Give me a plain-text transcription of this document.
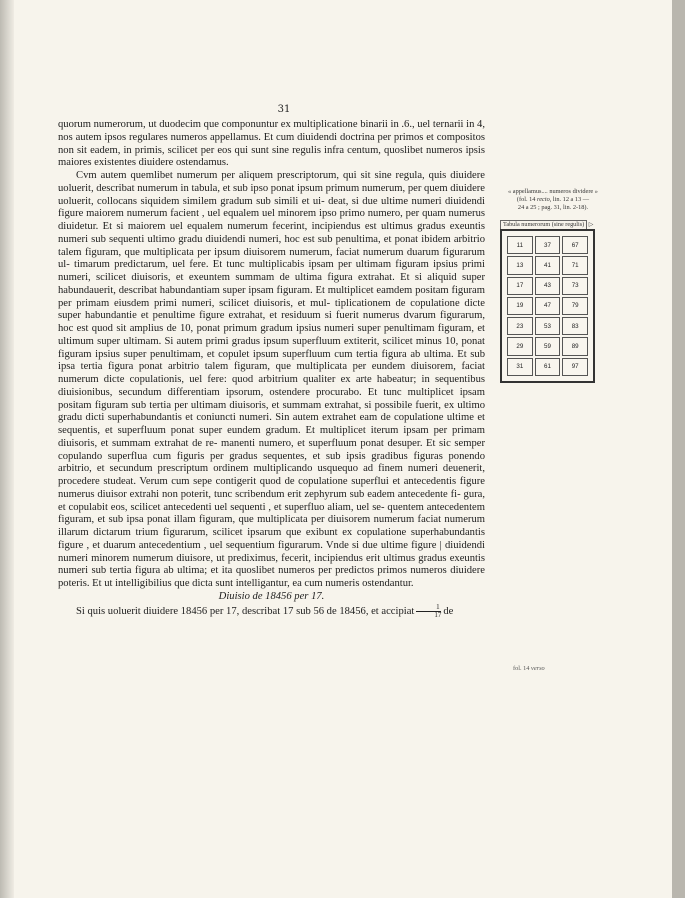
31

quorum numerorum, ut duodecim que componuntur ex multiplicatione binarii in .6., uel ternarii in 4, nos autem ipsos regulares numeros appellamus. Et cum diuidendi doctrina per primos et compositos non sit eadem, in primis, scilicet per eos qui sunt sine regulis infra centum, quoslibet numeros ipsis maiores existentes diuidere ostendamus.

Cvm autem quemlibet numerum per aliquem prescriptorum, qui sit sine regula, quis diuidere uoluerit, describat numerum in tabula, et sub ipso ponat ipsum primum numerum, per quem diuidere uoluerit, collocans siquidem similem gradum sub simili et ui- deat, si due ultime numeri diuidendi figure maiorem numerum facient , uel equalem uel minorem ipso primo numero, per quam numerus diuidetur. Et si maiorem uel equalem numerum fecerint, incipiendus est ultimus gradus exeuntis numeri sub sequenti ultimo gradu diuidendi numeri, hoc est sub penultima, et ponat ibidem arbitrio talem figuram, que multiplicata per ipsum diuisorem numerum, faciat numerum duarum figurarum ul- timarum predictarum, uel fere. Et tunc multiplicabis ipsam per ultimam figuram ipsius primi numeri, scilicet diuisoris, et exeuntem summam de ultima figura extrahat. Et si aliquid super habundauerit, describat habundantiam super ipsam figuram. Et multiplicet eamdem positam figuram per primam eiusdem primi numeri, scilicet diuisoris, et mul- tiplicationem de copulatione dicte super habundantie et penultime figure extrahat, et residuum si fuerit numerus dvarum figurarum, hoc est quod sit amplius de 10, ponat primum gradum ipsius numeri super penultimam figuram, et ultimum super ultimam. Si autem primi gradus ipsum superfluum extiterit, scilicet minus 10, ponat figuram ipsius super penultimam, et copulet ipsum superfluum cum tertia figura ab ultima. Et sub ipsa tertia figura ponat arbitrio talem figuram, que multiplicata per eundem diuisorem, faciat numerum dicte copulationis, uel fere: quod arbitrium qualiter ex arte habeatur; in sequentibus diuisionibus, secundum differentiam ipsorum, ostendere procurabo. Et tunc multiplicet ipsam positam figuram sub tertia per ultimam diuisoris, et summam extrahat, si possibile fuerit, ex ultimo gradu dicti superhabundantis et coniuncti numeri. Sin autem extrahet eam de copulatione ultime et sequentis, et superfluum ponat super eundem gradum. Et multiplicet iterum ipsam per primam diuisoris, et summam extrahat de re- manenti numero, et superfluum ponat desuper. Et sic semper copulando superflua cum figuris per gradus sequentes, et sub ipsis gradibus figuras ponendo arbitrio, et secundum prescriptum ordinem multiplicando usquequo ad finem numeri deuenerit, procedere studeat. Verum cum sepe contigerit quod de copulatione superflui et antecedentis figure numerus diuisor extrahi non poterit, tunc scribendum erit zephyrum sub eadem antecedente fi- gura, et copulabit eos, scilicet antecedenti uel sequenti , et superfluo aliam, uel se- quentem antecedentem figuram, et sub ipsa ponat illam figuram, que multiplicata per diuisorem numerum faciat numerum illarum dictarum trium figurarum, scilicet ipsarum que exibunt ex copulatione superhabundantis figure , et duarum antecedentium , uel sequentium figurarum. Vnde si due ultime figure | diuidendi numeri minorem numerum diuisore, ut prediximus, fecerit, incipiendus erit ultimus gradus exeuntis numeri sub tertia figura ab ultima; et ita quoslibet numeros per predictos primos numeros diuidere poteris. Et ut intelligibilius que dicta sunt intelligantur, ea cum numeris ostendantur.

Diuisio de 18456 per 17.

Si quis uoluerit diuidere 18456 per 17, describat 17 sub 56 de 18456, et accipiat $\frac{1}{17}$ de

« appellamus.... numeros dividere »
(fol. 14 recto, lin. 12 a 13 —
24 a 25 ; pag. 31, lin. 2-18).
Tabula numerorum (sine regulis) ▷
11	37	67
13	41	71
17	43	73
19	47	79
23	53	83
29	59	89
31	61	97
fol. 14 verso
